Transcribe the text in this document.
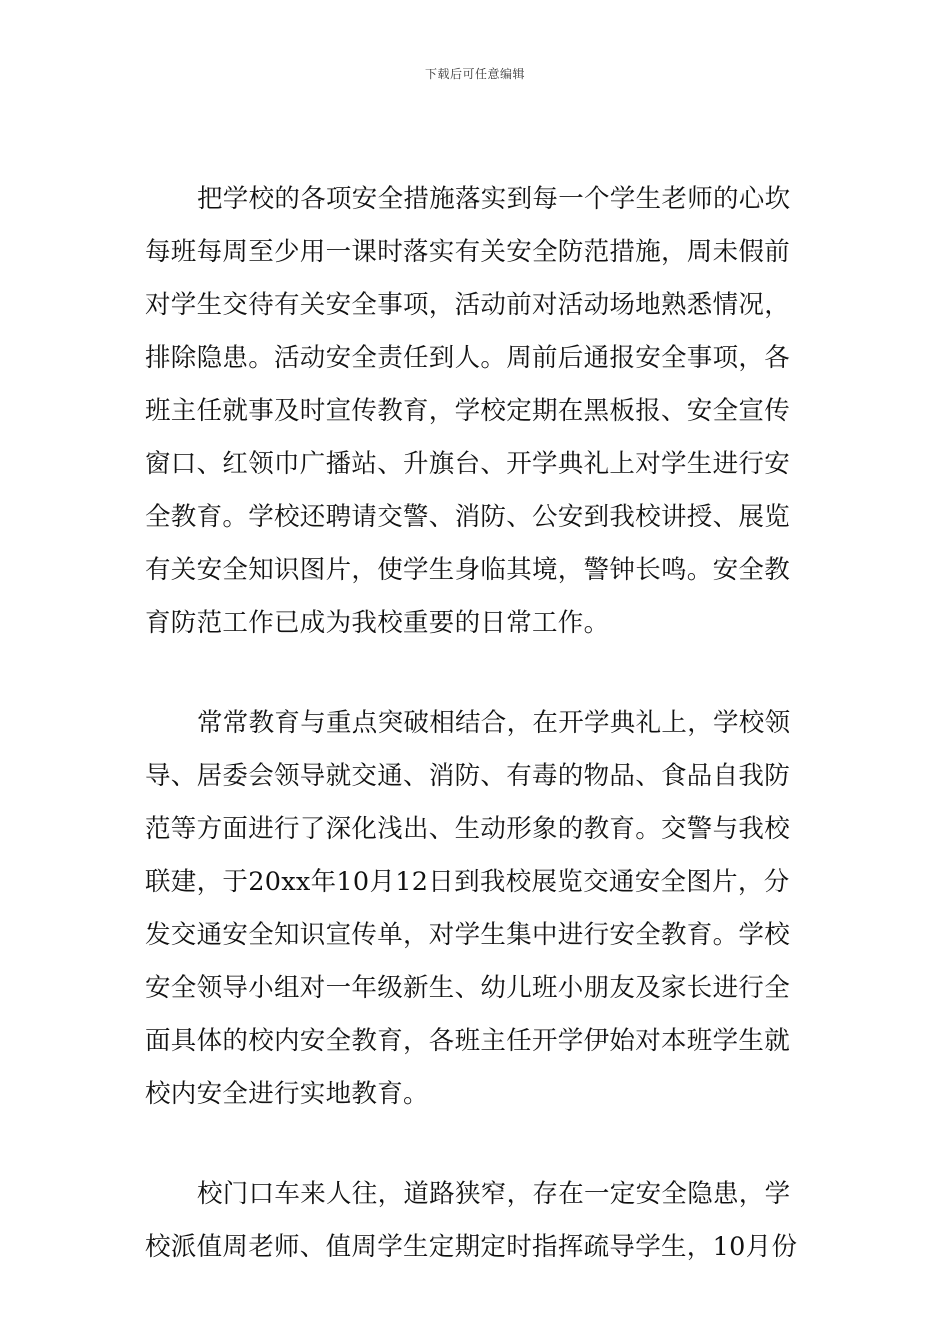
下载后可任意编辑
把学校的各项安全措施落实到每一个学生老师的心坎
每班每周至少用一课时落实有关安全防范措施，周未假前
对学生交待有关安全事项，活动前对活动场地熟悉情况，
排除隐患。活动安全责任到人。周前后通报安全事项，各
班主任就事及时宣传教育，学校定期在黑板报、安全宣传
窗口、红领巾广播站、升旗台、开学典礼上对学生进行安
全教育。学校还聘请交警、消防、公安到我校讲授、展览
有关安全知识图片，使学生身临其境，警钟长鸣。安全教
育防范工作已成为我校重要的日常工作。
常常教育与重点突破相结合，在开学典礼上，学校领
导、居委会领导就交通、消防、有毒的物品、食品自我防
范等方面进行了深化浅出、生动形象的教育。交警与我校
联建，于20xx年10月12日到我校展览交通安全图片，分
发交通安全知识宣传单，对学生集中进行安全教育。学校
安全领导小组对一年级新生、幼儿班小朋友及家长进行全
面具体的校内安全教育，各班主任开学伊始对本班学生就
校内安全进行实地教育。
校门口车来人往，道路狭窄，存在一定安全隐患，学
校派值周老师、值周学生定期定时指挥疏导学生，10月份
